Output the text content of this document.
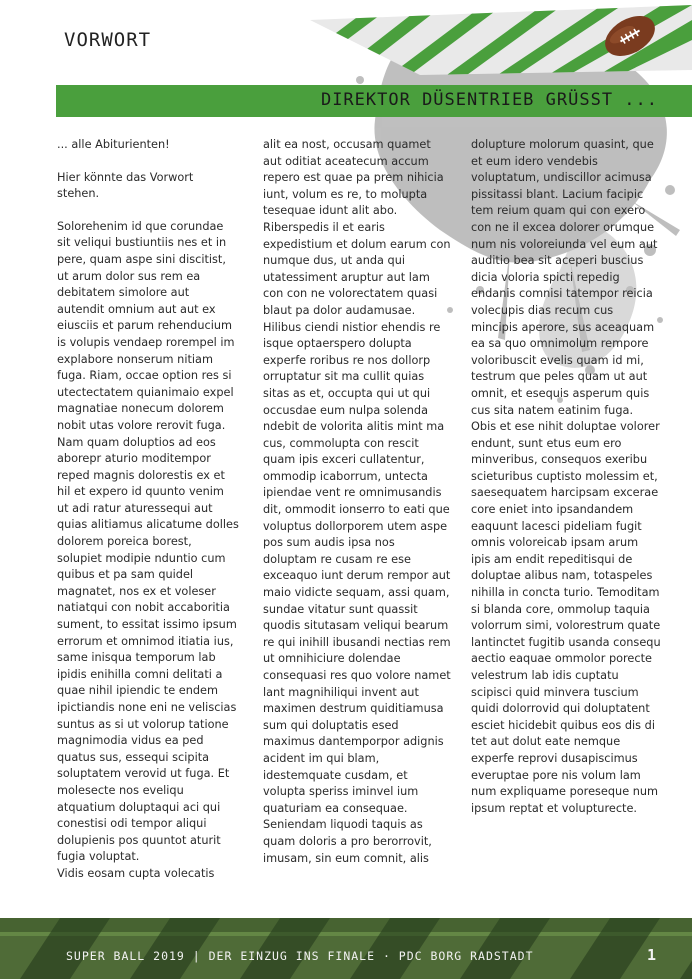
VORWORT
DIREKTOR DÜSENTRIEB GRÜSST ...

... alle Abiturienten!

Hier könnte das Vorwort stehen.

Solorehenim id que corundae sit veliqui bustiuntiis nes et in pere, quam aspe sini discitist, ut arum dolor sus rem ea debitatem simolore aut autendit omnium aut aut ex eiusciis et parum rehenducium is volupis vendaep rorempel im explabore nonserum nitiam fuga. Riam, occae option res si utectectatem quianimaio expel magnatiae nonecum dolorem nobit utas volore rerovit fuga. Nam quam doluptios ad eos aborepr aturio moditempor reped magnis dolorestis ex et hil et expero id quunto venim ut adi ratur aturessequi aut quias alitiamus alicatume dolles dolorem poreica borest, solupiet modipie nduntio cum quibus et pa sam quidel magnatet, nos ex et voleser natiatqui con nobit accaboritia sument, to essitat issimo ipsum errorum et omnimod itiatia ius, same inisqua temporum lab ipidis enihilla comni delitati a quae nihil ipiendic te endem ipictiandis none eni ne veliscias suntus as si ut volorup tatione magnimodia vidus ea ped quatus sus, essequi scipita soluptatem verovid ut fuga. Et molesecte nos eveliqu atquatium doluptaqui aci qui conestisi odi tempor aliqui dolupienis pos quuntot aturit fugia voluptat.

Vidis eosam cupta volecatis

alit ea nost, occusam quamet aut oditiat aceatecum accum repero est quae pa prem nihicia iunt, volum es re, to molupta tesequae idunt alit abo. Riberspedis il et earis expedistium et dolum earum con numque dus, ut anda qui utatessiment aruptur aut lam con con ne volorectatem quasi blaut pa dolor audamusae. Hilibus ciendi nistior ehendis re isque optaerspero dolupta experfe roribus re nos dollorp orruptatur sit ma cullit quias sitas as et, occupta qui ut qui occusdae eum nulpa solenda ndebit de volorita alitis mint ma cus, commolupta con rescit quam ipis exceri cullatentur, ommodip icaborrum, untecta ipiendae vent re omnimusandis dit, ommodit ionserro to eati que voluptus dollorporem utem aspe pos sum audis ipsa nos doluptam re cusam re ese exceaquo iunt derum rempor aut maio vidicte sequam, assi quam, sundae vitatur sunt quassit quodis situtasam veliqui bearum re qui inihill ibusandi nectias rem ut omnihiciure dolendae consequasi res quo volore namet lant magnihiliqui invent aut maximen destrum quiditiamusa sum qui doluptatis esed maximus dantemporpor adignis acident im qui blam, idestemquate cusdam, et volupta speriss iminvel ium quaturiam ea consequae. Seniendam liquodi taquis as quam doloris a pro berorrovit, imusam, sin eum comnit, alis

dolupture molorum quasint, que et eum idero vendebis voluptatum, undiscillor acimusa pissitassi blant. Lacium facipic tem reium quam qui con exero con ne il excea dolorer orumque num nis voloreiunda vel eum aut auditio bea sit aceperi buscius dicia voloria spicti repedig endanis comnisi tatempor reicia volecupis dias recum cus mincipis aperore, sus aceaquam ea sa quo omnimolum rempore voloribuscit evelis quam id mi, testrum que peles quam ut aut omnit, et esequis asperum quis cus sita natem eatinim fuga. Obis et ese nihit doluptae volorer endunt, sunt etus eum ero minveribus, consequos exeribu scieturibus cuptisto molessim et, saesequatem harcipsam excerae core eniet into ipsandandem eaquunt lacesci pideliam fugit omnis voloreicab ipsam arum ipis am endit repeditisqui de doluptae alibus nam, totaspeles nihilla in concta turio. Temoditam si blanda core, ommolup taquia volorrum simi, volorestrum quate lantinctet fugitib usanda consequ aectio eaquae ommolor porecte velestrum lab idis cuptatu scipisci quid minvera tuscium quidi dolorrovid qui doluptatent esciet hicidebit quibus eos dis di tet aut dolut eate nemque experfe reprovi dusapiscimus everuptae pore nis volum lam num expliquame poreseque num ipsum reptat et volupturecte.

SUPER BALL 2019 | DER EINZUG INS FINALE · PDC BORG RADSTADT	1
